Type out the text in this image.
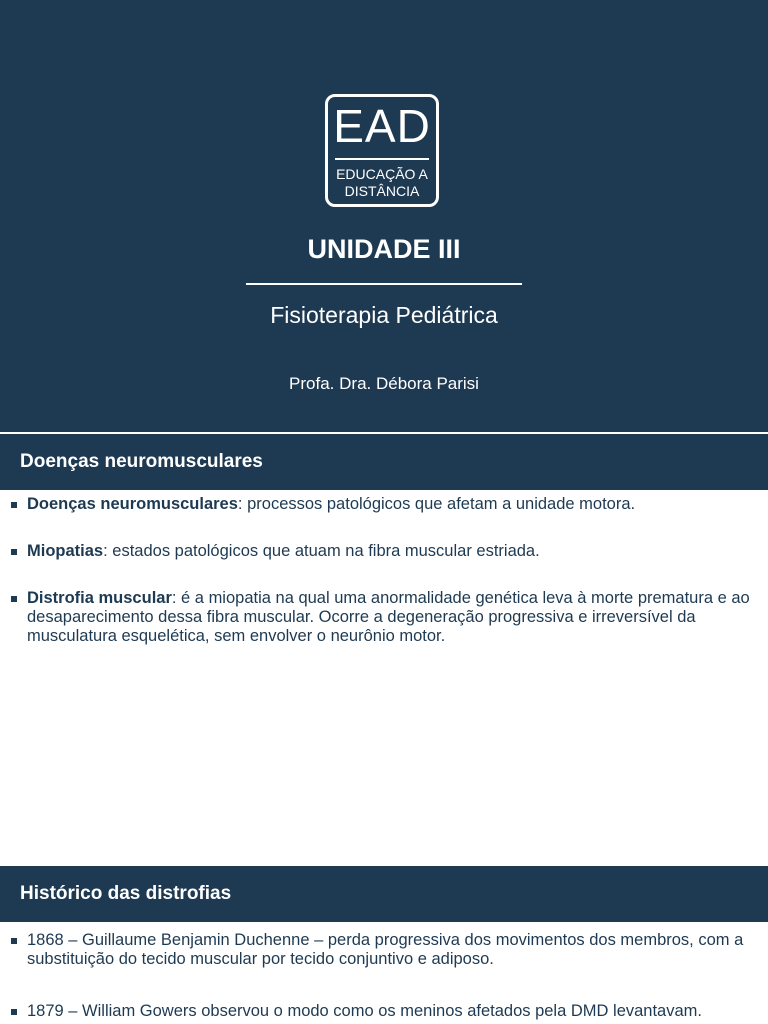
EAD
EDUCAÇÃO A
DISTÂNCIA
UNIDADE III
Fisioterapia Pediátrica
Profa. Dra. Débora Parisi
Doenças neuromusculares
Doenças neuromusculares: processos patológicos que afetam a unidade motora.
Miopatias: estados patológicos que atuam na fibra muscular estriada.
Distrofia muscular: é a miopatia na qual uma anormalidade genética leva à morte prematura e ao desaparecimento dessa fibra muscular. Ocorre a degeneração progressiva e irreversível da musculatura esquelética, sem envolver o neurônio motor.
Histórico das distrofias
1868 – Guillaume Benjamin Duchenne – perda progressiva dos movimentos dos membros, com a substituição do tecido muscular por tecido conjuntivo e adiposo.
1879 – William Gowers observou o modo como os meninos afetados pela DMD levantavam.
